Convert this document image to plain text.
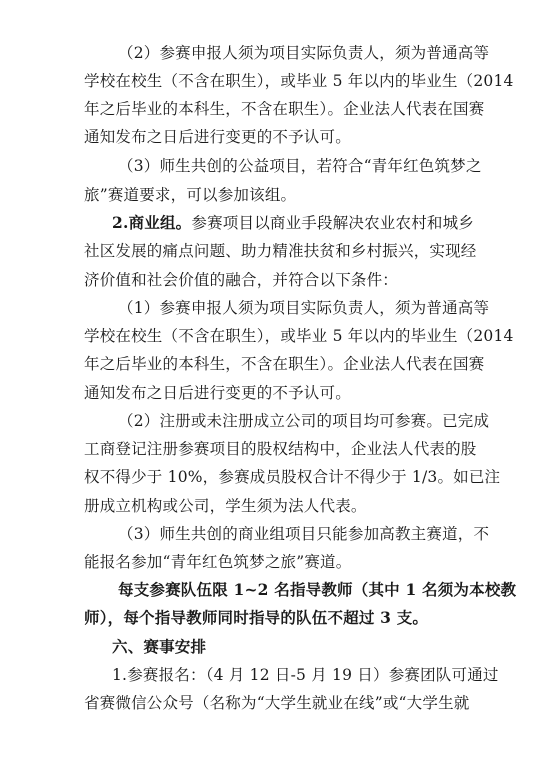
（2）参赛申报人须为项目实际负责人，须为普通高等
学校在校生（不含在职生），或毕业 5 年以内的毕业生（2014
年之后毕业的本科生，不含在职生）。企业法人代表在国赛
通知发布之日后进行变更的不予认可。
（3）师生共创的公益项目，若符合“青年红色筑梦之
旅”赛道要求，可以参加该组。
2.商业组。参赛项目以商业手段解决农业农村和城乡
社区发展的痛点问题、助力精准扶贫和乡村振兴，实现经
济价值和社会价值的融合，并符合以下条件：
（1）参赛申报人须为项目实际负责人，须为普通高等
学校在校生（不含在职生），或毕业 5 年以内的毕业生（2014
年之后毕业的本科生，不含在职生）。企业法人代表在国赛
通知发布之日后进行变更的不予认可。
（2）注册或未注册成立公司的项目均可参赛。已完成
工商登记注册参赛项目的股权结构中，企业法人代表的股
权不得少于 10%，参赛成员股权合计不得少于 1/3。如已注
册成立机构或公司，学生须为法人代表。
（3）师生共创的商业组项目只能参加高教主赛道，不
能报名参加“青年红色筑梦之旅”赛道。
每支参赛队伍限 1~2 名指导教师（其中 1 名须为本校教
师），每个指导教师同时指导的队伍不超过 3 支。
六、赛事安排
1.参赛报名：（4 月 12 日-5 月 19 日）参赛团队可通过
省赛微信公众号（名称为“大学生就业在线”或“大学生就
